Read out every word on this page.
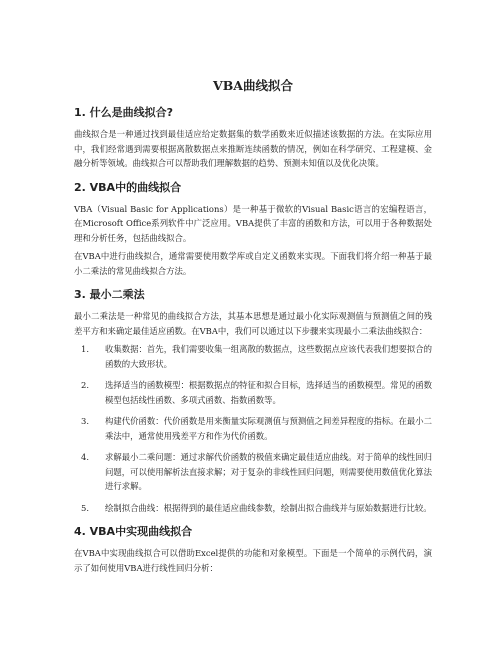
VBA曲线拟合
1. 什么是曲线拟合?

曲线拟合是一种通过找到最佳适应给定数据集的数学函数来近似描述该数据的方法。在实际应用中，我们经常遇到需要根据离散数据点来推断连续函数的情况，例如在科学研究、工程建模、金融分析等领域。曲线拟合可以帮助我们理解数据的趋势、预测未知值以及优化决策。

2. VBA中的曲线拟合

VBA（Visual Basic for Applications）是一种基于微软的Visual Basic语言的宏编程语言，在Microsoft Office系列软件中广泛应用。VBA提供了丰富的函数和方法，可以用于各种数据处理和分析任务，包括曲线拟合。

在VBA中进行曲线拟合，通常需要使用数学库或自定义函数来实现。下面我们将介绍一种基于最小二乘法的常见曲线拟合方法。

3. 最小二乘法

最小二乘法是一种常见的曲线拟合方法，其基本思想是通过最小化实际观测值与预测值之间的残差平方和来确定最佳适应函数。在VBA中，我们可以通过以下步骤来实现最小二乘法曲线拟合：

1.	收集数据：首先，我们需要收集一组离散的数据点，这些数据点应该代表我们想要拟合的函数的大致形状。
2.	选择适当的函数模型：根据数据点的特征和拟合目标，选择适当的函数模型。常见的函数模型包括线性函数、多项式函数、指数函数等。
3.	构建代价函数：代价函数是用来衡量实际观测值与预测值之间差异程度的指标。在最小二乘法中，通常使用残差平方和作为代价函数。
4.	求解最小二乘问题：通过求解代价函数的极值来确定最佳适应曲线。对于简单的线性回归问题，可以使用解析法直接求解；对于复杂的非线性回归问题，则需要使用数值优化算法进行求解。
5.	绘制拟合曲线：根据得到的最佳适应曲线参数，绘制出拟合曲线并与原始数据进行比较。
4. VBA中实现曲线拟合

在VBA中实现曲线拟合可以借助Excel提供的功能和对象模型。下面是一个简单的示例代码，演示了如何使用VBA进行线性回归分析：
